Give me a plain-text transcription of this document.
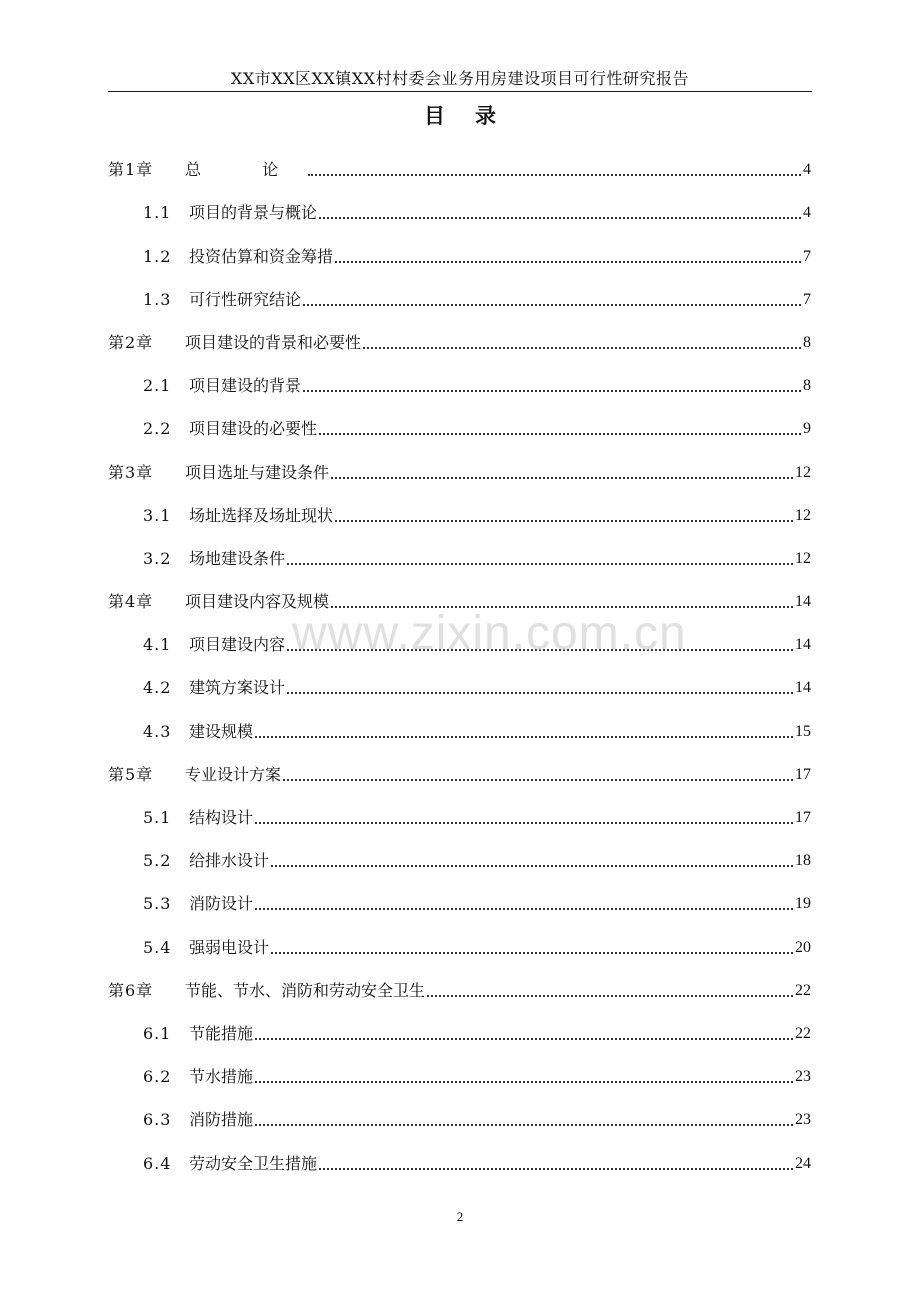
XX市XX区XX镇XX村村委会业务用房建设项目可行性研究报告
目 录
第1章	总 论	4
1.1	项目的背景与概论	4
1.2	投资估算和资金筹措	7
1.3	可行性研究结论	7
第2章	项目建设的背景和必要性	8
2.1	项目建设的背景	8
2.2	项目建设的必要性	9
第3章	项目选址与建设条件	12
3.1	场址选择及场址现状	12
3.2	场地建设条件	12
第4章	项目建设内容及规模	14
4.1	项目建设内容	14
4.2	建筑方案设计	14
4.3	建设规模	15
第5章	专业设计方案	17
5.1	结构设计	17
5.2	给排水设计	18
5.3	消防设计	19
5.4	强弱电设计	20
第6章	节能、节水、消防和劳动安全卫生	22
6.1	节能措施	22
6.2	节水措施	23
6.3	消防措施	23
6.4	劳动安全卫生措施	24
www.zixin.com.cn
2
